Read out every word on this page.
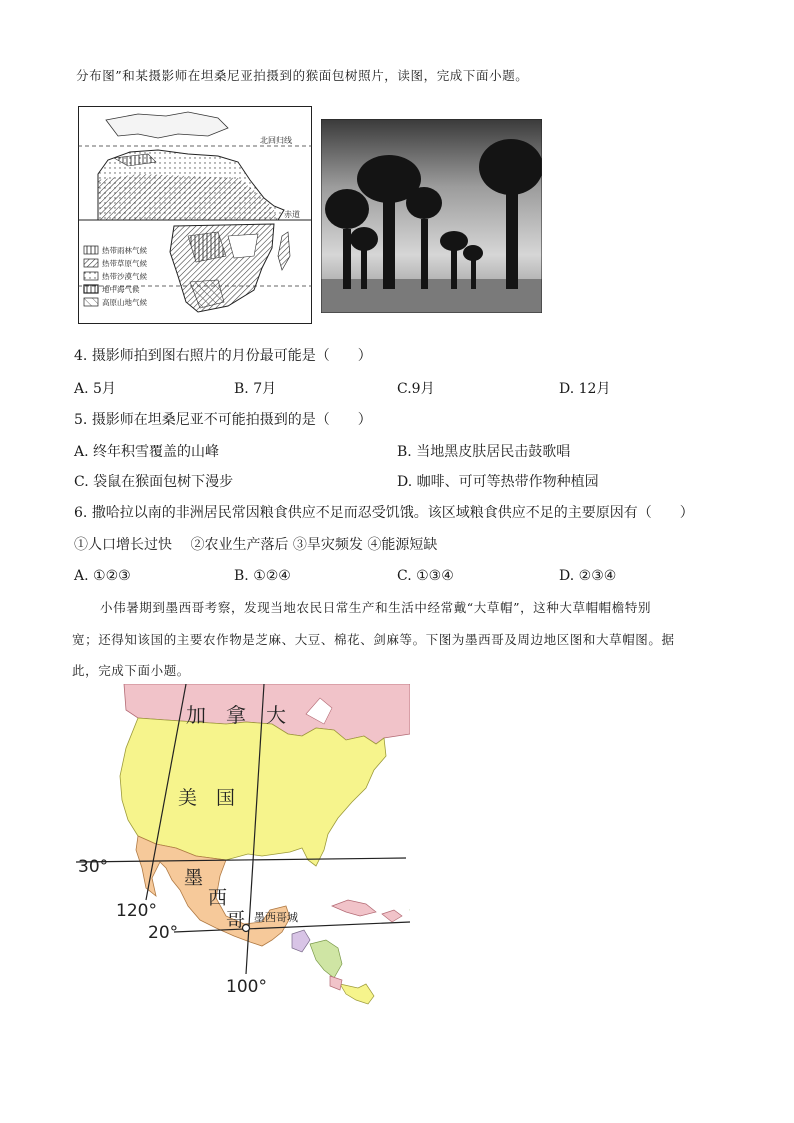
分布图”和某摄影师在坦桑尼亚拍摄到的猴面包树照片，读图，完成下面小题。
北回归线
赤道
热带雨林气候
热带草原气候
热带沙漠气候
地中海气候
高原山地气候
4. 摄影师拍到图右照片的月份最可能是（　　）
A. 5月	B. 7月	C.9月	D. 12月
5. 摄影师在坦桑尼亚不可能拍摄到的是（　　）
A. 终年积雪覆盖的山峰	B. 当地黑皮肤居民击鼓歌唱
C. 袋鼠在猴面包树下漫步	D. 咖啡、可可等热带作物种植园
6. 撒哈拉以南的非洲居民常因粮食供应不足而忍受饥饿。该区域粮食供应不足的主要原因有（　　）
①人口增长过快　 ②农业生产落后 ③旱灾频发 ④能源短缺
A. ①②③	B. ①②④	C. ①③④	D. ②③④
小伟暑期到墨西哥考察，发现当地农民日常生产和生活中经常戴“大草帽”，这种大草帽帽檐特别
宽；还得知该国的主要农作物是芝麻、大豆、棉花、剑麻等。下图为墨西哥及周边地区图和大草帽图。据
此，完成下面小题。
墨西哥城
加　拿　大
美　国
墨
西
哥
30°
20°
120°
100°
